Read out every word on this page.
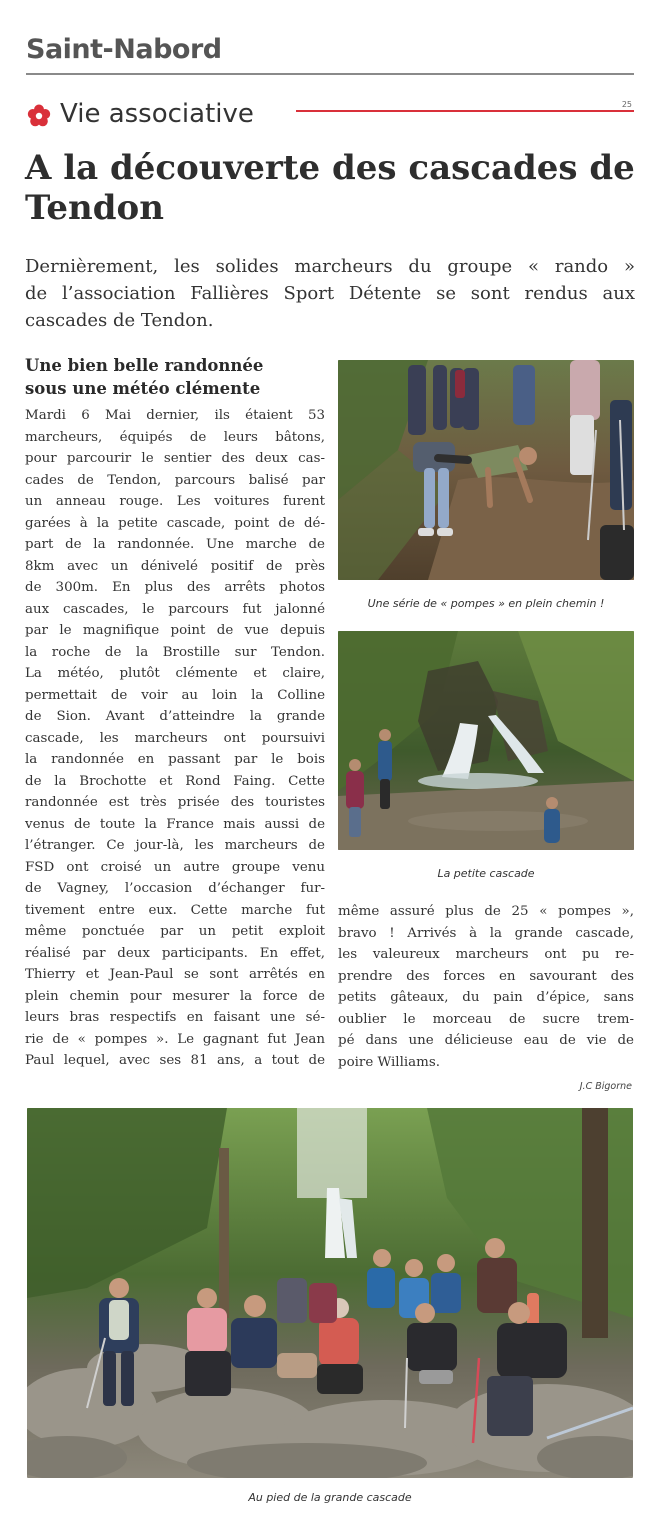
Saint-Nabord
Vie associative	25
A la découverte des cascades de
Tendon
Dernièrement, les solides marcheurs du groupe « rando »
de l’association Fallières Sport Détente se sont rendus aux
cascades de Tendon.
Une bien belle randonnée
sous une météo clémente
Mardi 6 Mai dernier, ils étaient 53
marcheurs, équipés de leurs bâtons,
pour parcourir le sentier des deux cas-
cades de Tendon, parcours balisé par
un anneau rouge. Les voitures furent
garées à la petite cascade, point de dé-
part de la randonnée. Une marche de
8km avec un dénivelé positif de près
de 300m. En plus des arrêts photos
aux cascades, le parcours fut jalonné
par le magnifique point de vue depuis
la roche de la Brostille sur Tendon.
La météo, plutôt clémente et claire,
permettait de voir au loin la Colline
de Sion. Avant d’atteindre la grande
cascade, les marcheurs ont poursuivi
la randonnée en passant par le bois
de la Brochotte et Rond Faing. Cette
randonnée est très prisée des touristes
venus de toute la France mais aussi de
l’étranger. Ce jour-là, les marcheurs de
FSD ont croisé un autre groupe venu
de Vagney, l’occasion d’échanger fur-
tivement entre eux. Cette marche fut
même ponctuée par un petit exploit
réalisé par deux participants. En effet,
Thierry et Jean-Paul se sont arrêtés en
plein chemin pour mesurer la force de
leurs bras respectifs en faisant une sé-
rie de « pompes ». Le gagnant fut Jean
Paul lequel, avec ses 81 ans, a tout de
Une série de « pompes » en plein chemin !
La petite cascade
même assuré plus de 25 « pompes »,
bravo ! Arrivés à la grande cascade,
les valeureux marcheurs ont pu re-
prendre des forces en savourant des
petits gâteaux, du pain d’épice, sans
oublier le morceau de sucre trem-
pé dans une délicieuse eau de vie de
poire Williams.
J.C Bigorne
Au pied de la grande cascade
